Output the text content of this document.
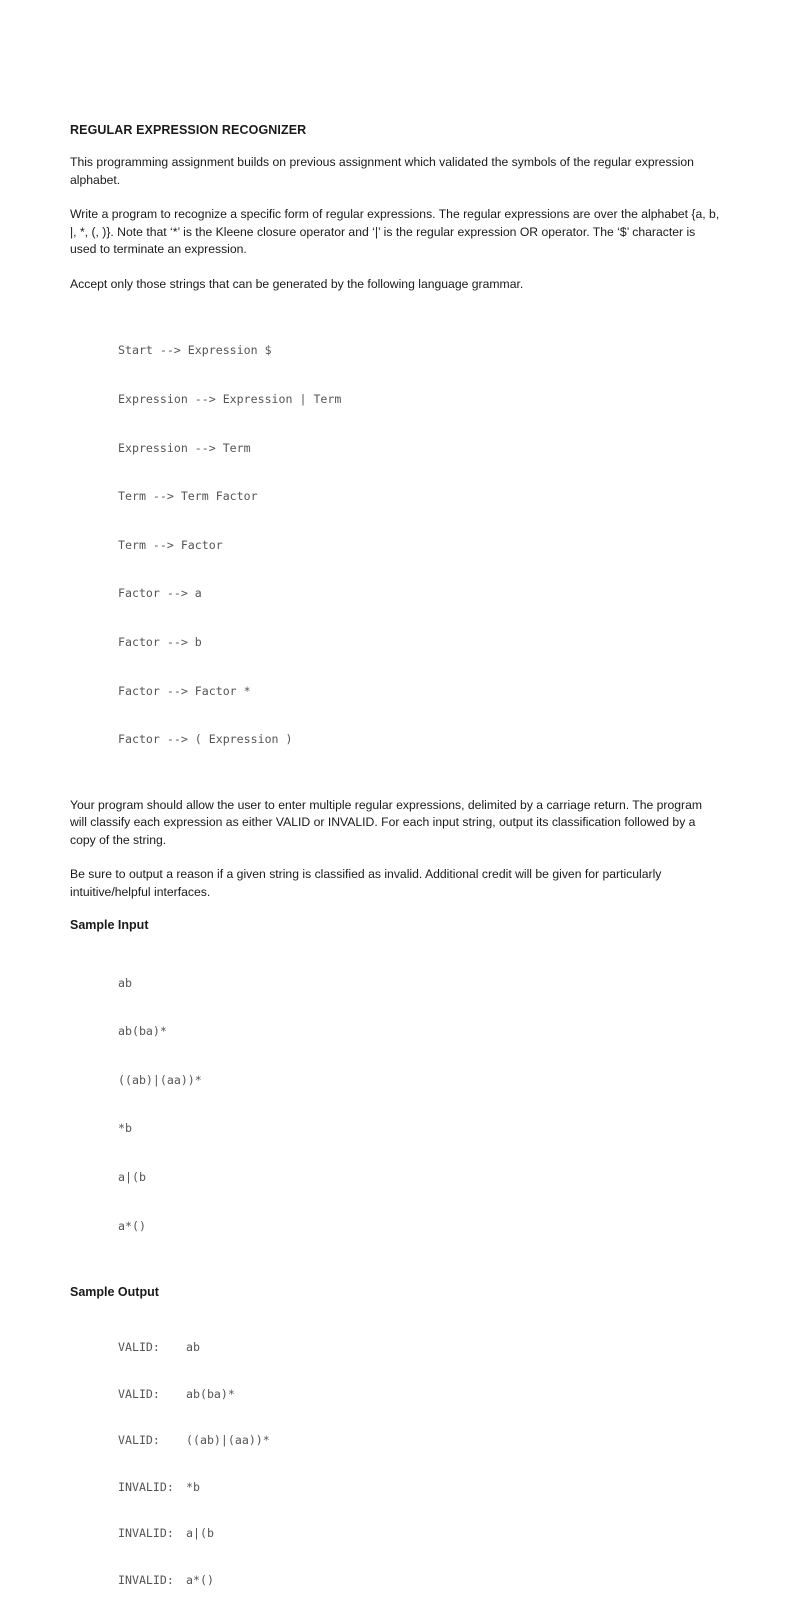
REGULAR EXPRESSION RECOGNIZER

This programming assignment builds on previous assignment which validated the symbols of the regular expression alphabet.

Write a program to recognize a specific form of regular expressions. The regular expressions are over the alphabet {a, b, |, *, (, )}. Note that ‘*’ is the Kleene closure operator and ‘|’ is the regular expression OR operator. The ‘$’ character is used to terminate an expression.

Accept only those strings that can be generated by the following language grammar.

Start --> Expression $

Expression --> Expression | Term

Expression --> Term

Term --> Term Factor

Term --> Factor

Factor --> a

Factor --> b

Factor --> Factor *

Factor --> ( Expression )

Your program should allow the user to enter multiple regular expressions, delimited by a carriage return. The program will classify each expression as either VALID or INVALID. For each input string, output its classification followed by a copy of the string.

Be sure to output a reason if a given string is classified as invalid. Additional credit will be given for particularly intuitive/helpful interfaces.

Sample Input

ab

ab(ba)*

((ab)|(aa))*

*b

a|(b

a*()

Sample Output

VALID: ab

VALID: ab(ba)*

VALID: ((ab)|(aa))*

INVALID: *b

INVALID: a|(b

INVALID: a*()
